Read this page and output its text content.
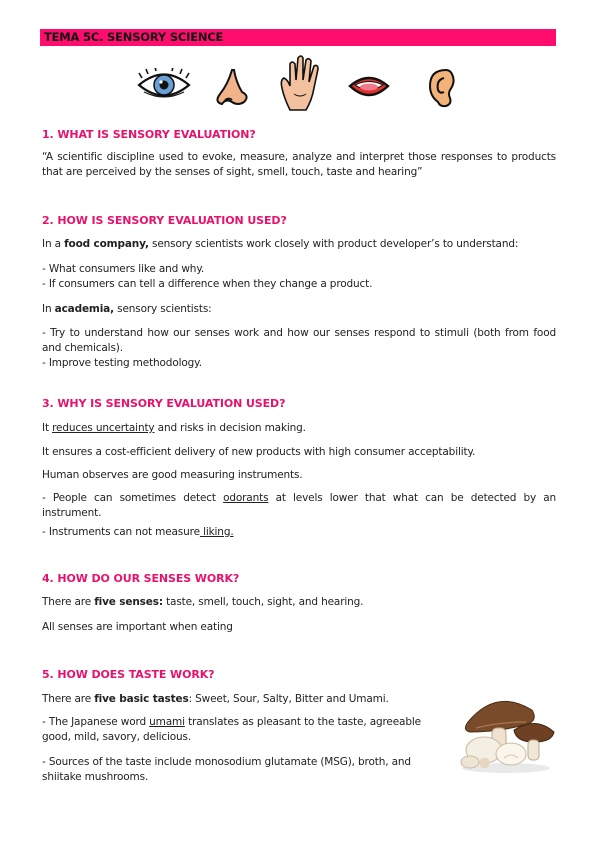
TEMA 5C. SENSORY SCIENCE
1. WHAT IS SENSORY EVALUATION?
“A scientific discipline used to evoke, measure, analyze and interpret those responses to products that are perceived by the senses of sight, smell, touch, taste and hearing”
2. HOW IS SENSORY EVALUATION USED?
In a food company, sensory scientists work closely with product developer’s to understand:
- What consumers like and why.
- If consumers can tell a difference when they change a product.
In academia, sensory scientists:
- Try to understand how our senses work and how our senses respond to stimuli (both from food and chemicals).
- Improve testing methodology.
3. WHY IS SENSORY EVALUATION USED?
It reduces uncertainty and risks in decision making.
It ensures a cost-efficient delivery of new products with high consumer acceptability.
Human observes are good measuring instruments.
- People can sometimes detect odorants at levels lower that what can be detected by an instrument.
- Instruments can not measure liking.
4. HOW DO OUR SENSES WORK?
There are five senses: taste, smell, touch, sight, and hearing.
All senses are important when eating
5. HOW DOES TASTE WORK?
There are five basic tastes: Sweet, Sour, Salty, Bitter and Umami.
- The Japanese word umami translates as pleasant to the taste, agreeable good, mild, savory, delicious.
- Sources of the taste include monosodium glutamate (MSG), broth, and shiitake mushrooms.
